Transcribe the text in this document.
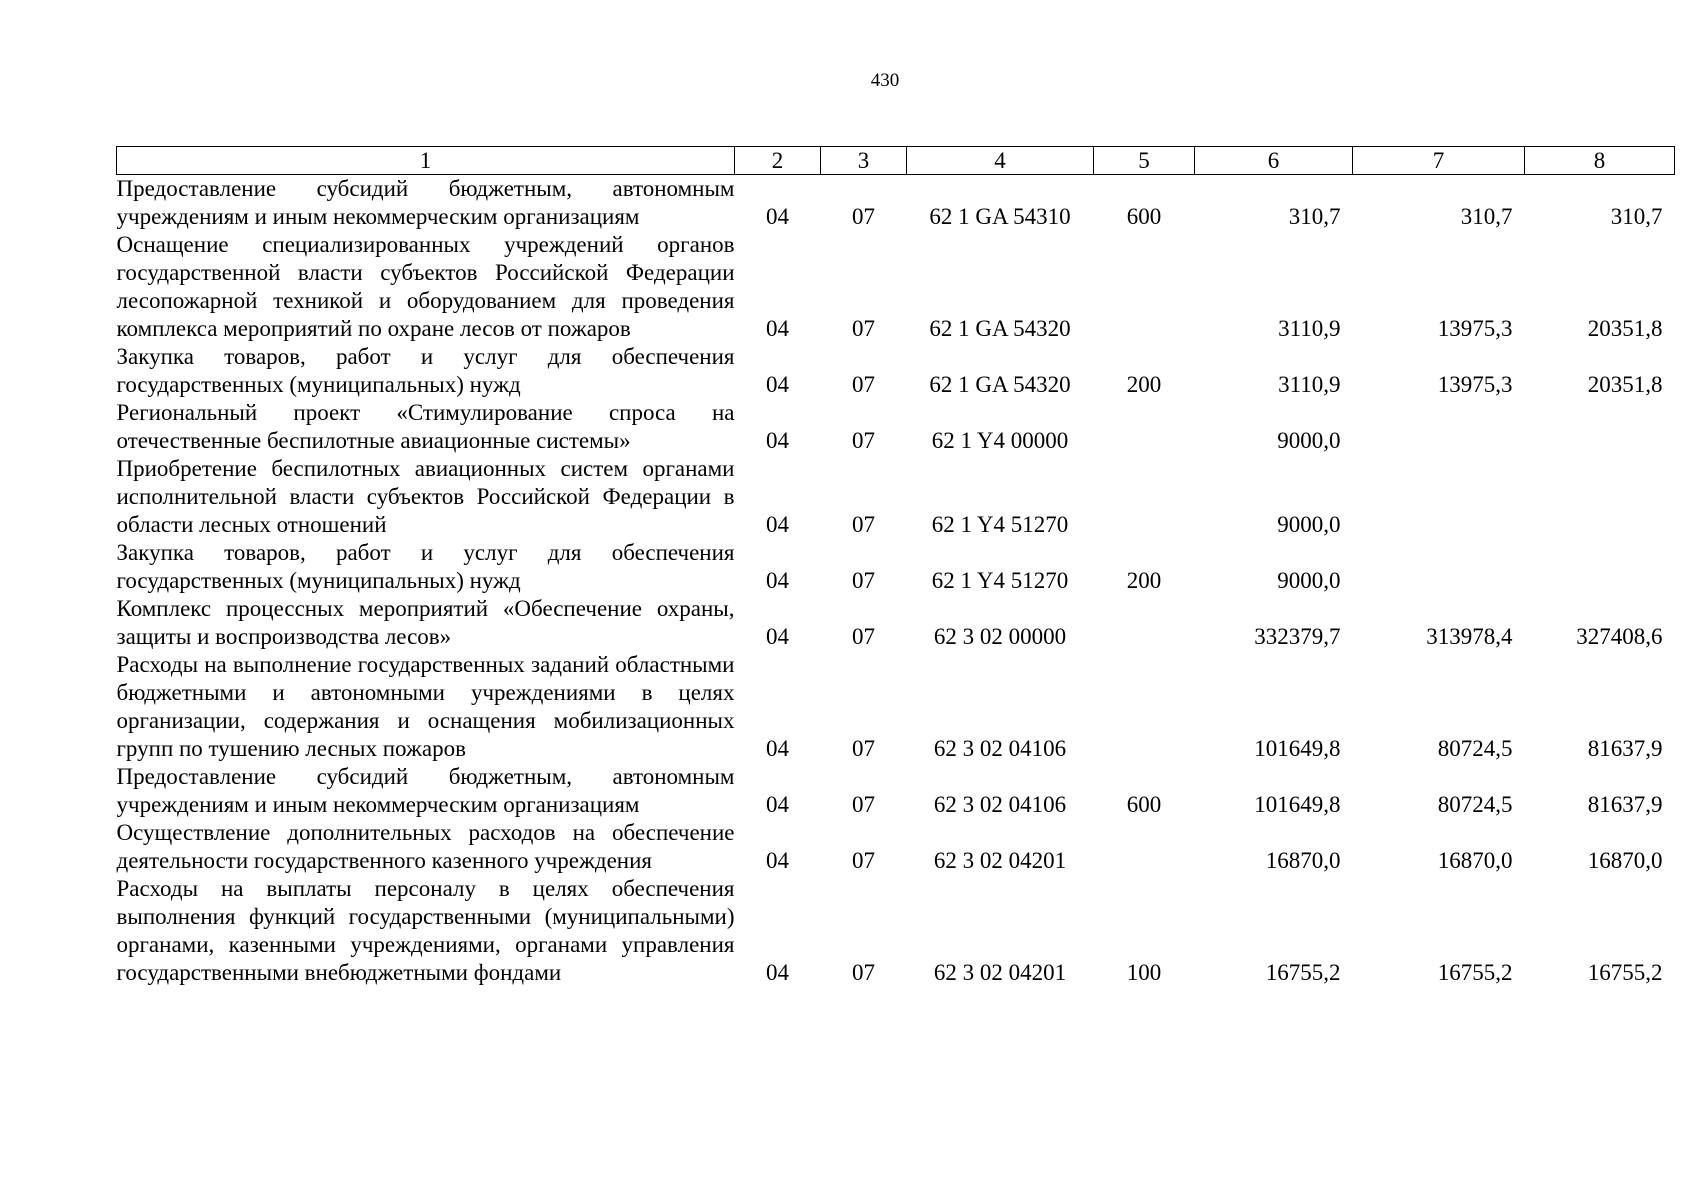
430
1	2	3	4	5	6	7	8
Предоставление субсидий бюджетным, автономным учреждениям и иным некоммерческим организациям	04	07	62 1 GA 54310	600	310,7	310,7	310,7
Оснащение специализированных учреждений органов государственной власти субъектов Российской Федерации лесопожарной техникой и оборудованием для проведения комплекса мероприятий по охране лесов от пожаров	04	07	62 1 GA 54320		3110,9	13975,3	20351,8
Закупка товаров, работ и услуг для обеспечения государственных (муниципальных) нужд	04	07	62 1 GA 54320	200	3110,9	13975,3	20351,8
Региональный проект «Стимулирование спроса на отечественные беспилотные авиационные системы»	04	07	62 1 Y4 00000		9000,0		
Приобретение беспилотных авиационных систем органами исполнительной власти субъектов Российской Федерации в области лесных отношений	04	07	62 1 Y4 51270		9000,0		
Закупка товаров, работ и услуг для обеспечения государственных (муниципальных) нужд	04	07	62 1 Y4 51270	200	9000,0		
Комплекс процессных мероприятий «Обеспечение охраны, защиты и воспроизводства лесов»	04	07	62 3 02 00000		332379,7	313978,4	327408,6
Расходы на выполнение государственных заданий областными бюджетными и автономными учреждениями в целях организации, содержания и оснащения мобилизационных групп по тушению лесных пожаров	04	07	62 3 02 04106		101649,8	80724,5	81637,9
Предоставление субсидий бюджетным, автономным учреждениям и иным некоммерческим организациям	04	07	62 3 02 04106	600	101649,8	80724,5	81637,9
Осуществление дополнительных расходов на обеспечение деятельности государственного казенного учреждения	04	07	62 3 02 04201		16870,0	16870,0	16870,0
Расходы на выплаты персоналу в целях обеспечения выполнения функций государственными (муниципальными) органами, казенными учреждениями, органами управления государственными внебюджетными фондами	04	07	62 3 02 04201	100	16755,2	16755,2	16755,2
